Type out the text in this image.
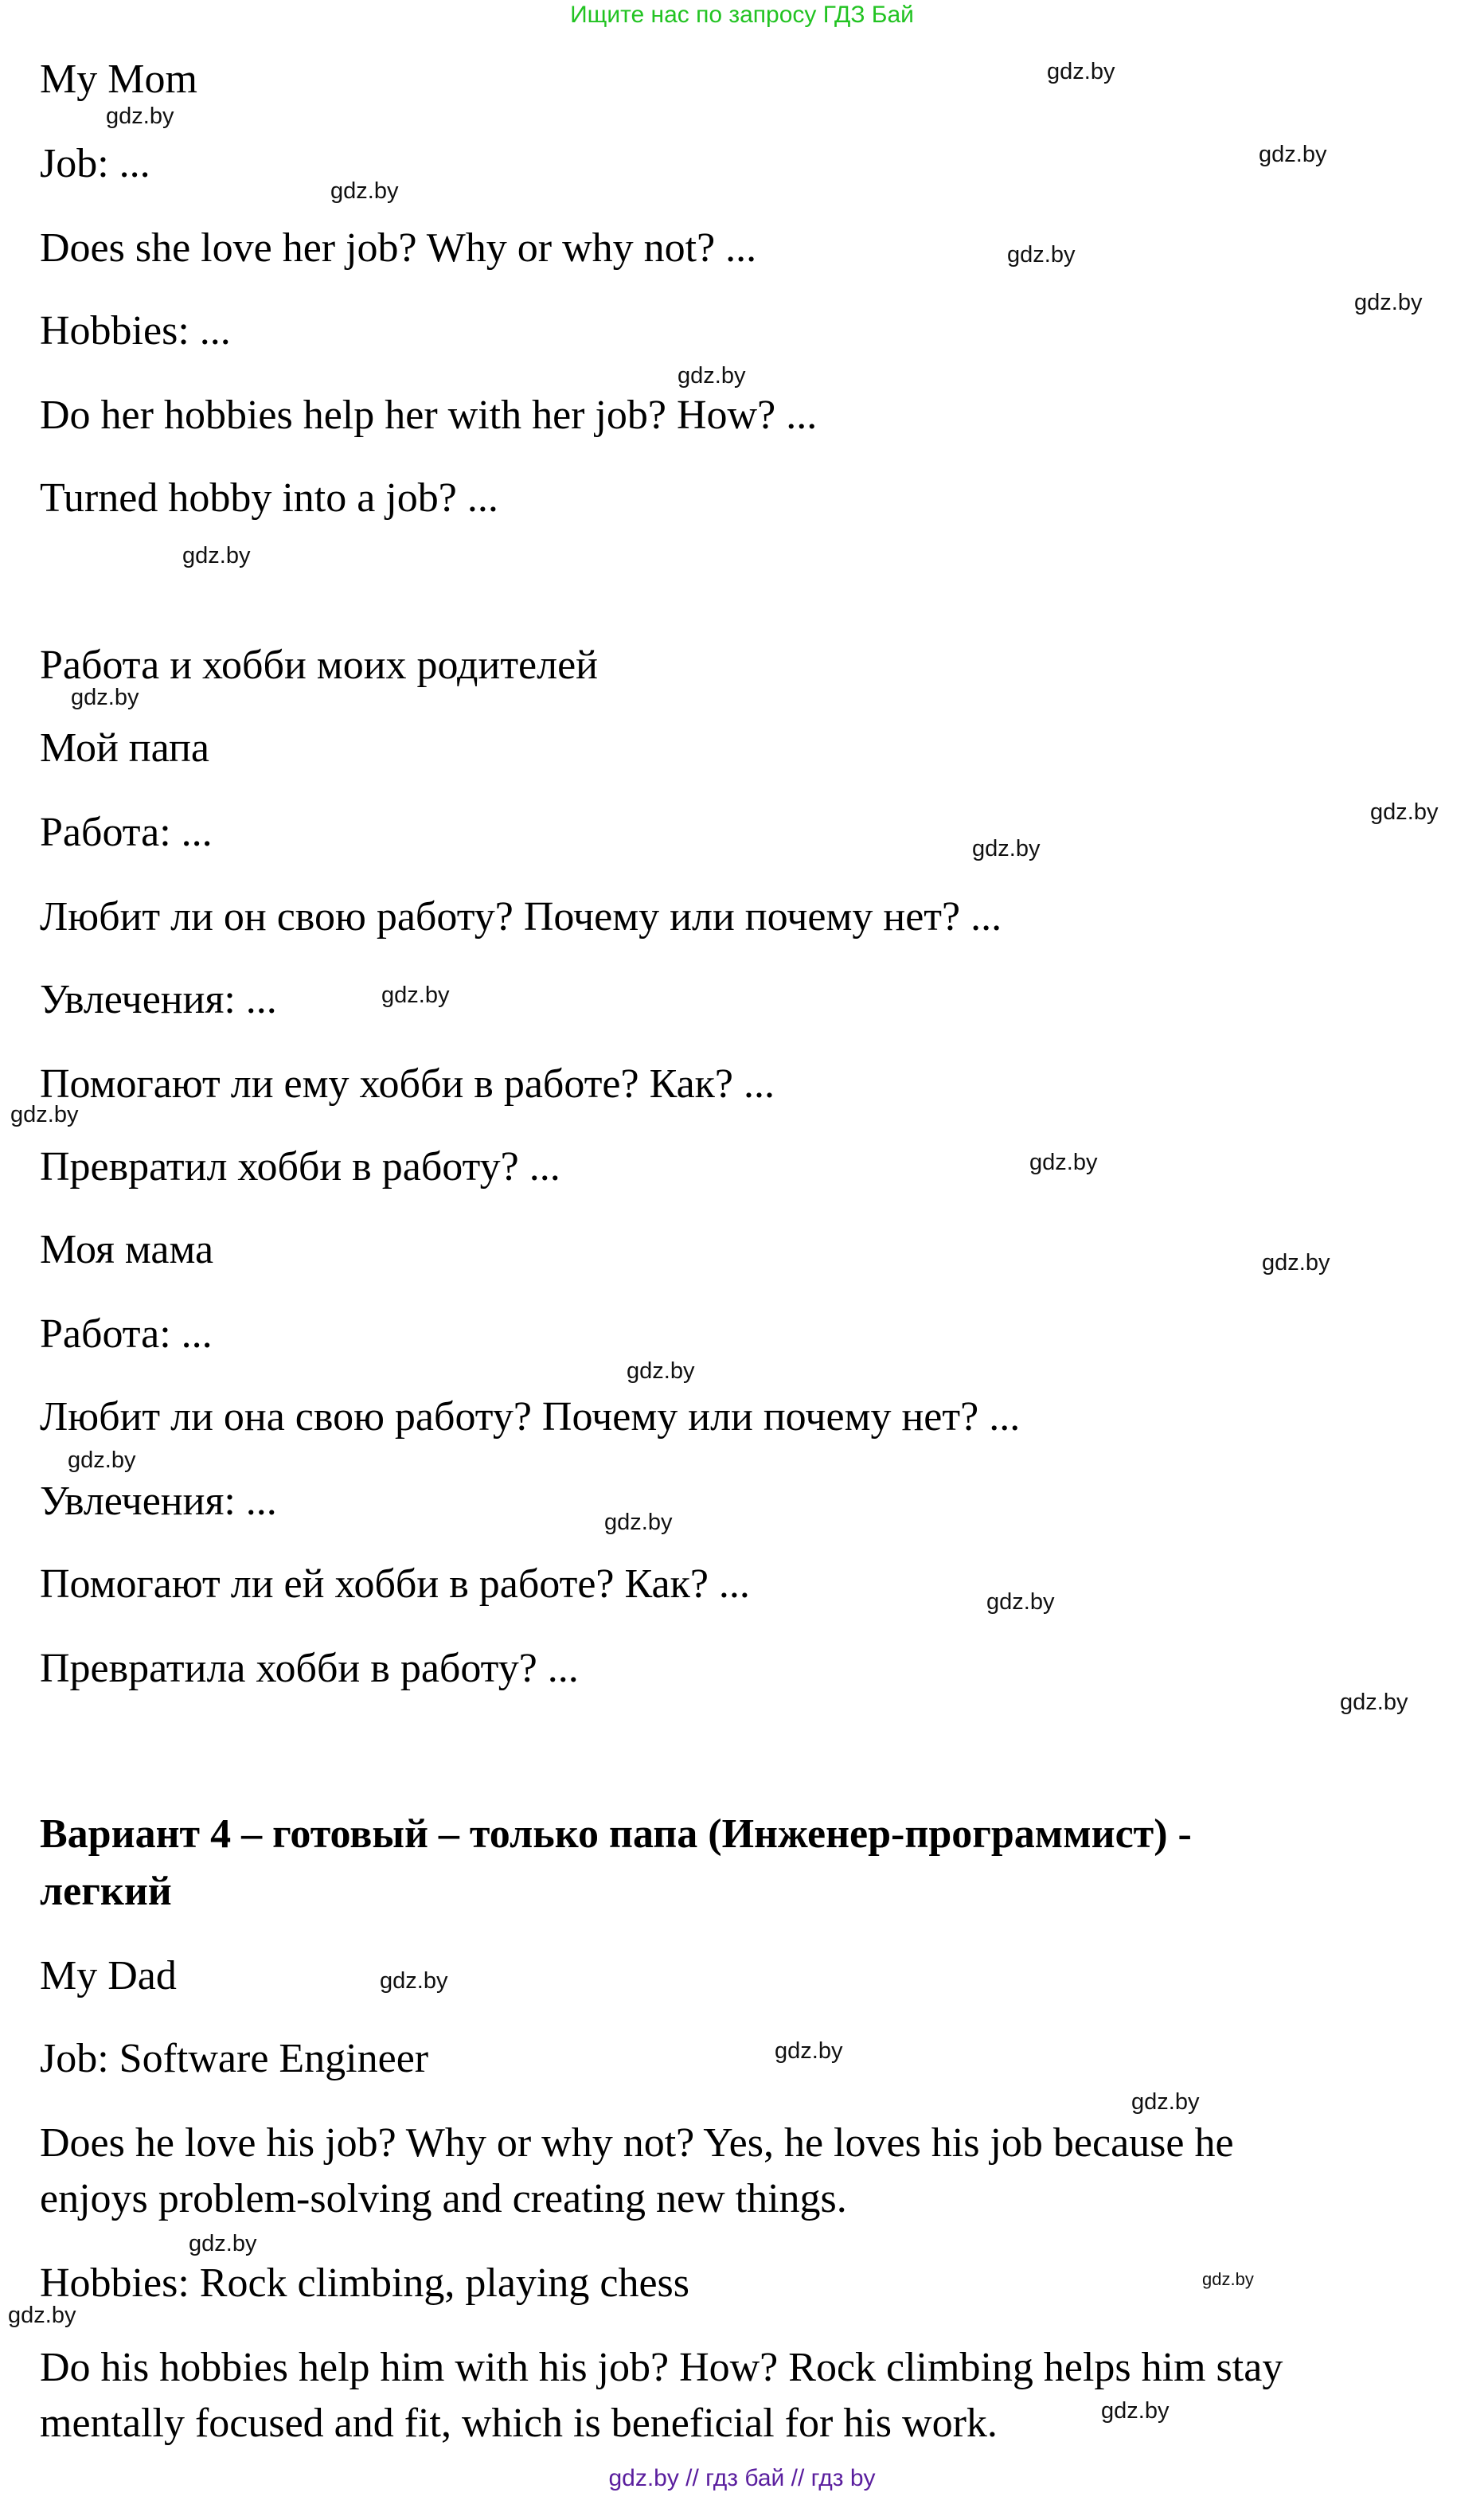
Ищите нас по запросу ГДЗ Бай
My Mom
Job: ...
Does she love her job? Why or why not? ...
Hobbies: ...
Do her hobbies help her with her job? How? ...
Turned hobby into a job? ...
Работа и хобби моих родителей
Мой папа
Работа: ...
Любит ли он свою работу? Почему или почему нет? ...
Увлечения: ...
Помогают ли ему хобби в работе? Как? ...
Превратил хобби в работу? ...
Моя мама
Работа: ...
Любит ли она свою работу? Почему или почему нет? ...
Увлечения: ...
Помогают ли ей хобби в работе? Как? ...
Превратила хобби в работу? ...
Вариант 4 – готовый – только папа (Инженер-программист) -
легкий
My Dad
Job: Software Engineer
Does he love his job? Why or why not? Yes, he loves his job because he
enjoys problem-solving and creating new things.
Hobbies: Rock climbing, playing chess
Do his hobbies help him with his job? How? Rock climbing helps him stay
mentally focused and fit, which is beneficial for his work.
gdz.by
gdz.by
gdz.by
gdz.by
gdz.by
gdz.by
gdz.by
gdz.by
gdz.by
gdz.by
gdz.by
gdz.by
gdz.by
gdz.by
gdz.by
gdz.by
gdz.by
gdz.by
gdz.by
gdz.by
gdz.by
gdz.by
gdz.by
gdz.by
gdz.by
gdz.by
gdz.by
gdz.by // гдз бай // гдз by
